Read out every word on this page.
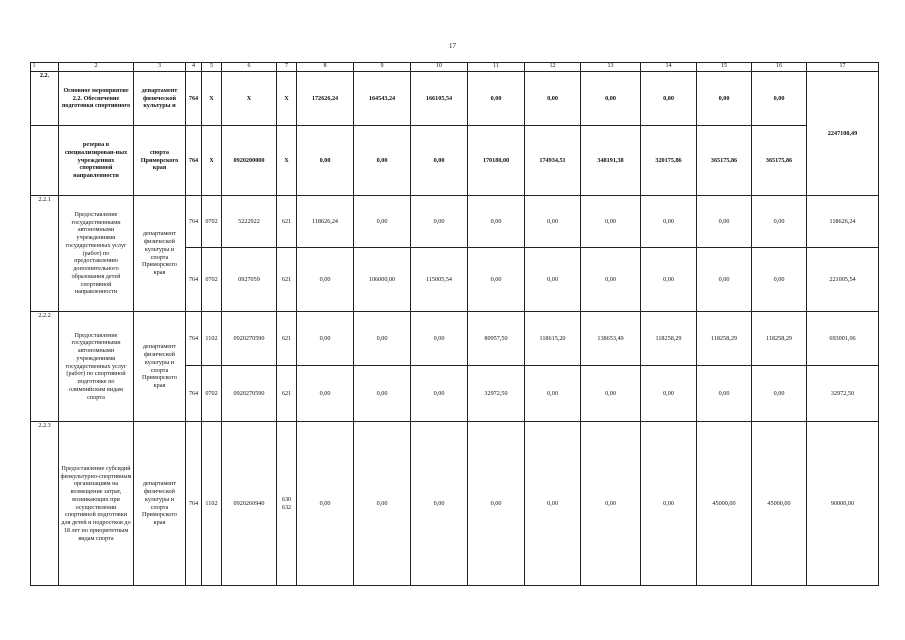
17
1	2	3	4	5	6	7	8	9	10	11	12	13	14	15	16	17
2.2.	Основное мероприятие 2.2. Обеспечение подготовки спортивного	департамент физической культуры и	764	X	X	X	172626,24	164543,24	166105,54	0,00	0,00	0,00	0,00	0,00	0,00	2247108,49
	резерва в специализирован-ных учреждениях спортивной направленности	спорта Приморского края	764	X	0920200000	X	0,00	0,00	0,00	170180,00	174934,51	348191,38	320175,86	365175,86	365175,86	
2.2.1	Предоставление государственными автономными учреждениями государственных услуг (работ) по предоставлению дополнительного образования детей спортивной направленности	департамент физической культуры и спорта Приморского края	764	0702	5222922	621	118626,24	0,00	0,00	0,00	0,00	0,00	0,00	0,00	0,00	118626,24
			764	0702	0927059	621	0,00	106000,00	115005,54	0,00	0,00	0,00	0,00	0,00	0,00	221005,54
2.2.2	Предоставление государственными автономными учреждениями государственных услуг (работ) по спортивной подготовке по олимпийским видам спорта	департамент физической культуры и спорта Приморского края	764	1102	0920270590	621	0,00	0,00	0,00	80957,50	118615,20	138653,49	118258,29	118258,29	118258,29	693001,06
			764	0702	0920270590	621	0,00	0,00	0,00	32972,50	0,00	0,00	0,00	0,00	0,00	32972,50
2.2.3	Предоставление субсидий физкультурно-спортивным организациям на возмещение затрат, возникающих при осуществлении спортивной подготовки для детей и подростков до 18 лет по приоритетным видам спорта	департамент физической культуры и спорта Приморского края	764	1102	0920260940	630 632	0,00	0,00	0,00	0,00	0,00	0,00	0,00	45000,00	45000,00	90000,00
